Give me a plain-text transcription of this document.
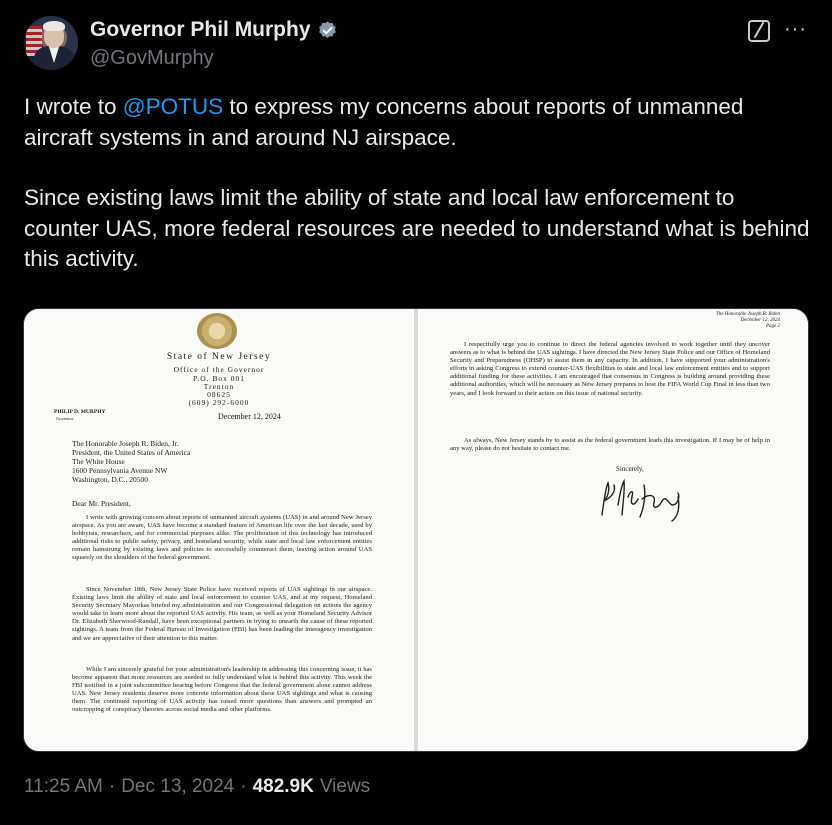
Governor Phil Murphy
@GovMurphy
···

I wrote to @POTUS to express my concerns about reports of unmanned aircraft systems in and around NJ airspace.

Since existing laws limit the ability of state and local law enforcement to counter UAS, more federal resources are needed to understand what is behind this activity.

State of New Jersey
Office of the Governor
P.O. Box 001
Trenton
08625
(609) 292-6000
PHILIP D. MURPHY
Governor	December 12, 2024
The Honorable Joseph R. Biden, Jr.
President, the United States of America
The White House
1600 Pennsylvania Avenue NW
Washington, D.C., 20500
Dear Mr. President,
I write with growing concern about reports of unmanned aircraft systems (UAS) in and around New Jersey airspace. As you are aware, UAS have become a standard feature of American life over the last decade, used by hobbyists, researchers, and for commercial purposes alike. The proliferation of this technology has introduced additional risks to public safety, privacy, and homeland security, while state and local law enforcement entities remain hamstrung by existing laws and policies to successfully counteract them, leaving action around UAS squarely on the shoulders of the federal government.
Since November 18th, New Jersey State Police have received reports of UAS sightings in our airspace. Existing laws limit the ability of state and local enforcement to counter UAS, and at my request, Homeland Security Secretary Mayorkas briefed my administration and our Congressional delegation on actions the agency would take to learn more about the reported UAS activity. His team, as well as your Homeland Security Advisor Dr. Elizabeth Sherwood-Randall, have been exceptional partners in trying to unearth the cause of these reported sightings. A team from the Federal Bureau of Investigation (FBI) has been leading the interagency investigation and we are appreciative of their attention to this matter.
While I am sincerely grateful for your administration's leadership in addressing this concerning issue, it has become apparent that more resources are needed to fully understand what is behind this activity. This week the FBI testified in a joint subcommittee hearing before Congress that the federal government alone cannot address UAS. New Jersey residents deserve more concrete information about these UAS sightings and what is causing them. The continued reporting of UAS activity has raised more questions than answers and prompted an outcropping of conspiracy theories across social media and other platforms.
The Honorable Joseph R. Biden
December 12, 2024
Page 2
I respectfully urge you to continue to direct the federal agencies involved to work together until they uncover answers as to what is behind the UAS sightings. I have directed the New Jersey State Police and our Office of Homeland Security and Preparedness (OHSP) to assist them in any capacity. In addition, I have supported your administration's efforts in asking Congress to extend counter-UAS flexibilities to state and local law enforcement entities and to support additional funding for these activities. I am encouraged that consensus in Congress is building around providing these additional authorities, which will be necessary as New Jersey prepares to host the FIFA World Cup Final in less than two years, and I look forward to their action on this issue of national security.
As always, New Jersey stands by to assist as the federal government leads this investigation. If I may be of help in any way, please do not hesitate to contact me.
Sincerely,
11:25 AM · Dec 13, 2024 · 482.9K Views
